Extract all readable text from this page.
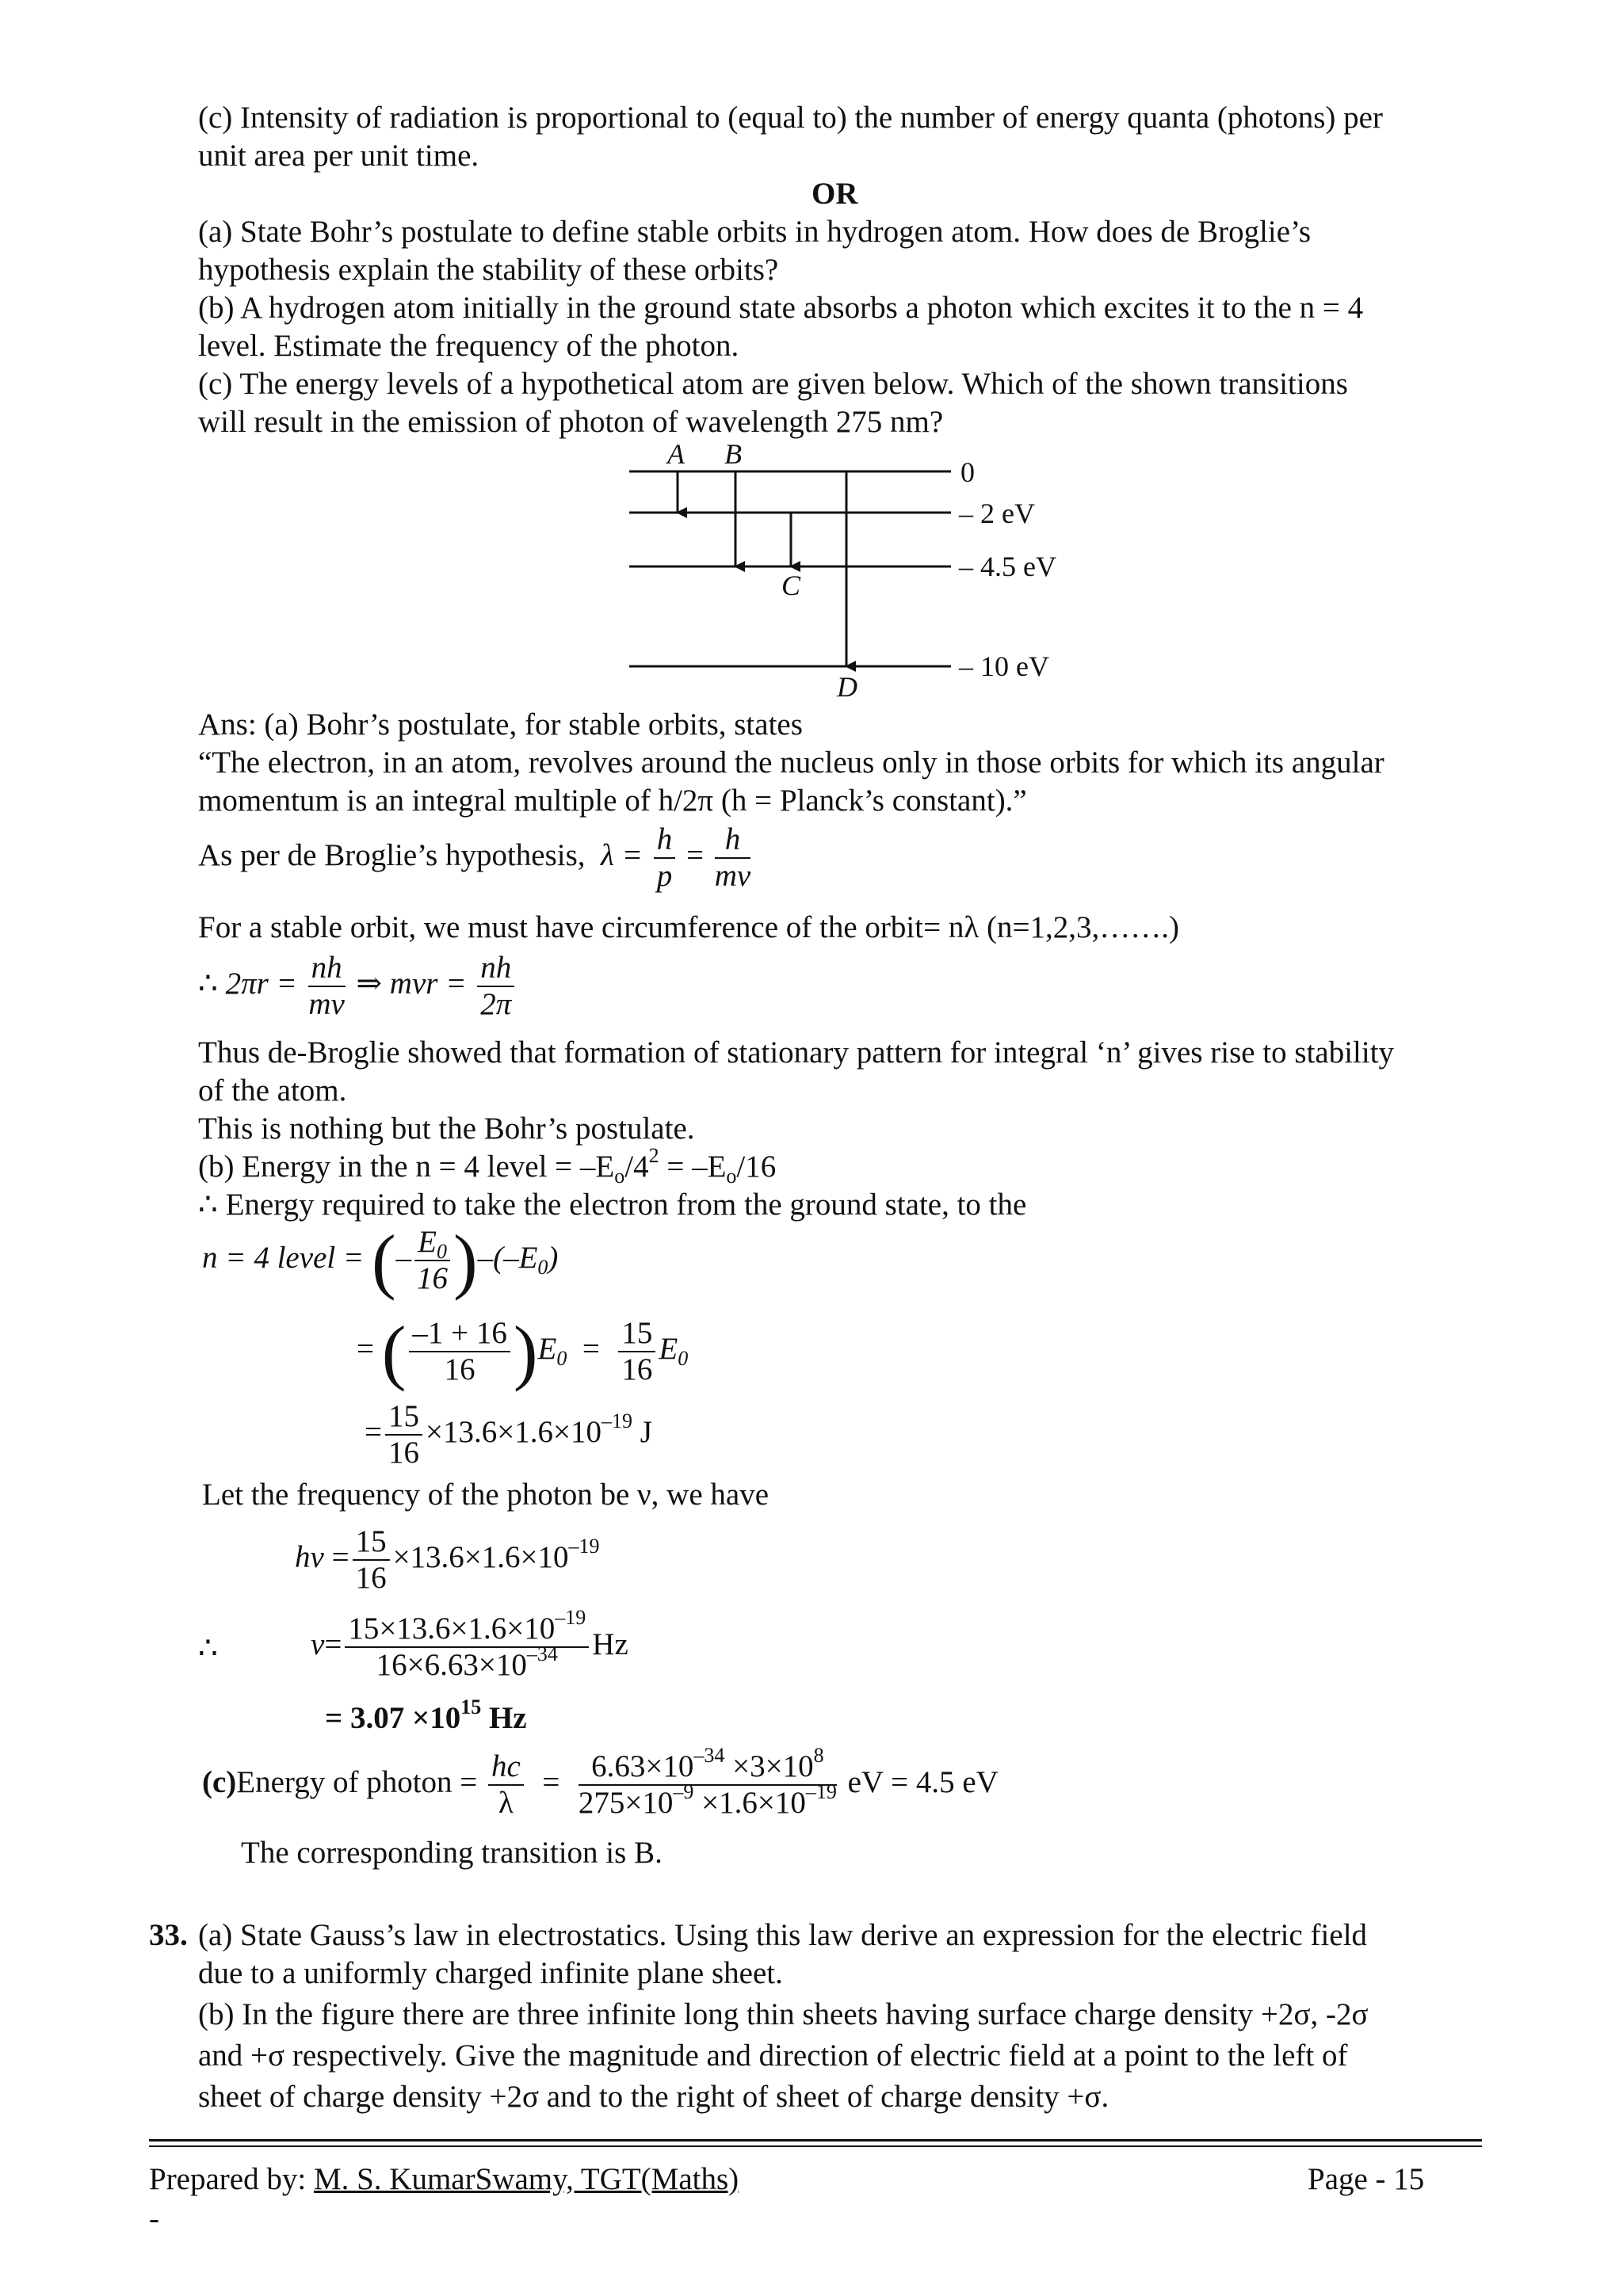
(c) Intensity of radiation is proportional to (equal to) the number of energy quanta (photons) per
unit area per unit time.
OR
(a) State Bohr’s postulate to define stable orbits in hydrogen atom. How does de Broglie’s
hypothesis explain the stability of these orbits?
(b) A hydrogen atom initially in the ground state absorbs a photon which excites it to the n = 4
level. Estimate the frequency of the photon.
(c) The energy levels of a hypothetical atom are given below. Which of the shown transitions
will result in the emission of photon of wavelength 275 nm?
0
– 2 eV
– 4.5 eV
– 10 eV
A B
C
D
Ans: (a) Bohr’s postulate, for stable orbits, states
“The electron, in an atom, revolves around the nucleus only in those orbits for which its angular
momentum is an integral multiple of h/2π (h = Planck’s constant).”
As per de Broglie’s hypothesis,  $\lambda = \frac{h}{p} = \frac{h}{mv}$
For a stable orbit, we must have circumference of the orbit= nλ (n=1,2,3,…….)
∴ $2\pi r = \frac{nh}{mv}$ ⇒ mvr = $\frac{nh}{2\pi}$
Thus de-Broglie showed that formation of stationary pattern for integral ‘n’ gives rise to stability
of the atom.
This is nothing but the Bohr’s postulate.
(b) Energy in the n = 4 level = $-E_o/4^2 = -E_o/16$
∴ Energy required to take the electron from the ground state, to the
n = 4 level = (– $\frac{E_0}{16} )-(-E_0)$
= ( $\frac{-1 + 16}{16} )E_0 = \frac{15}{16} E_0$
= $\frac{15}{16} \times 13.6\times 1.6\times 10^{-19}$ J
Let the frequency of the photon be ν, we have
$h\nu = \frac{15}{16} \times 13.6\times 1.6\times 10^{-19}$
∴	$\nu= \frac{15\times 13.6\times 1.6\times 10^{-19}}{16\times 6.63\times 10^{-34}}$ Hz
= $3.07 \times 10^{15}$ Hz
(c)Energy of photon = $\frac{hc}{\lambda} = \frac{6.63\times 10^{-34} \times 3\times 10^8}{275\times 10^{-9} \times 1.6\times 10^{-19}}$ eV = 4.5 eV
The corresponding transition is B.
33. (a) State Gauss’s law in electrostatics. Using this law derive an expression for the electric field
due to a uniformly charged infinite plane sheet.
(b) In the figure there are three infinite long thin sheets having surface charge density +2σ, -2σ
and +σ respectively. Give the magnitude and direction of electric field at a point to the left of
sheet of charge density +2σ and to the right of sheet of charge density +σ.
Prepared by: M. S. KumarSwamy, TGT(Maths)	Page - 15
-
